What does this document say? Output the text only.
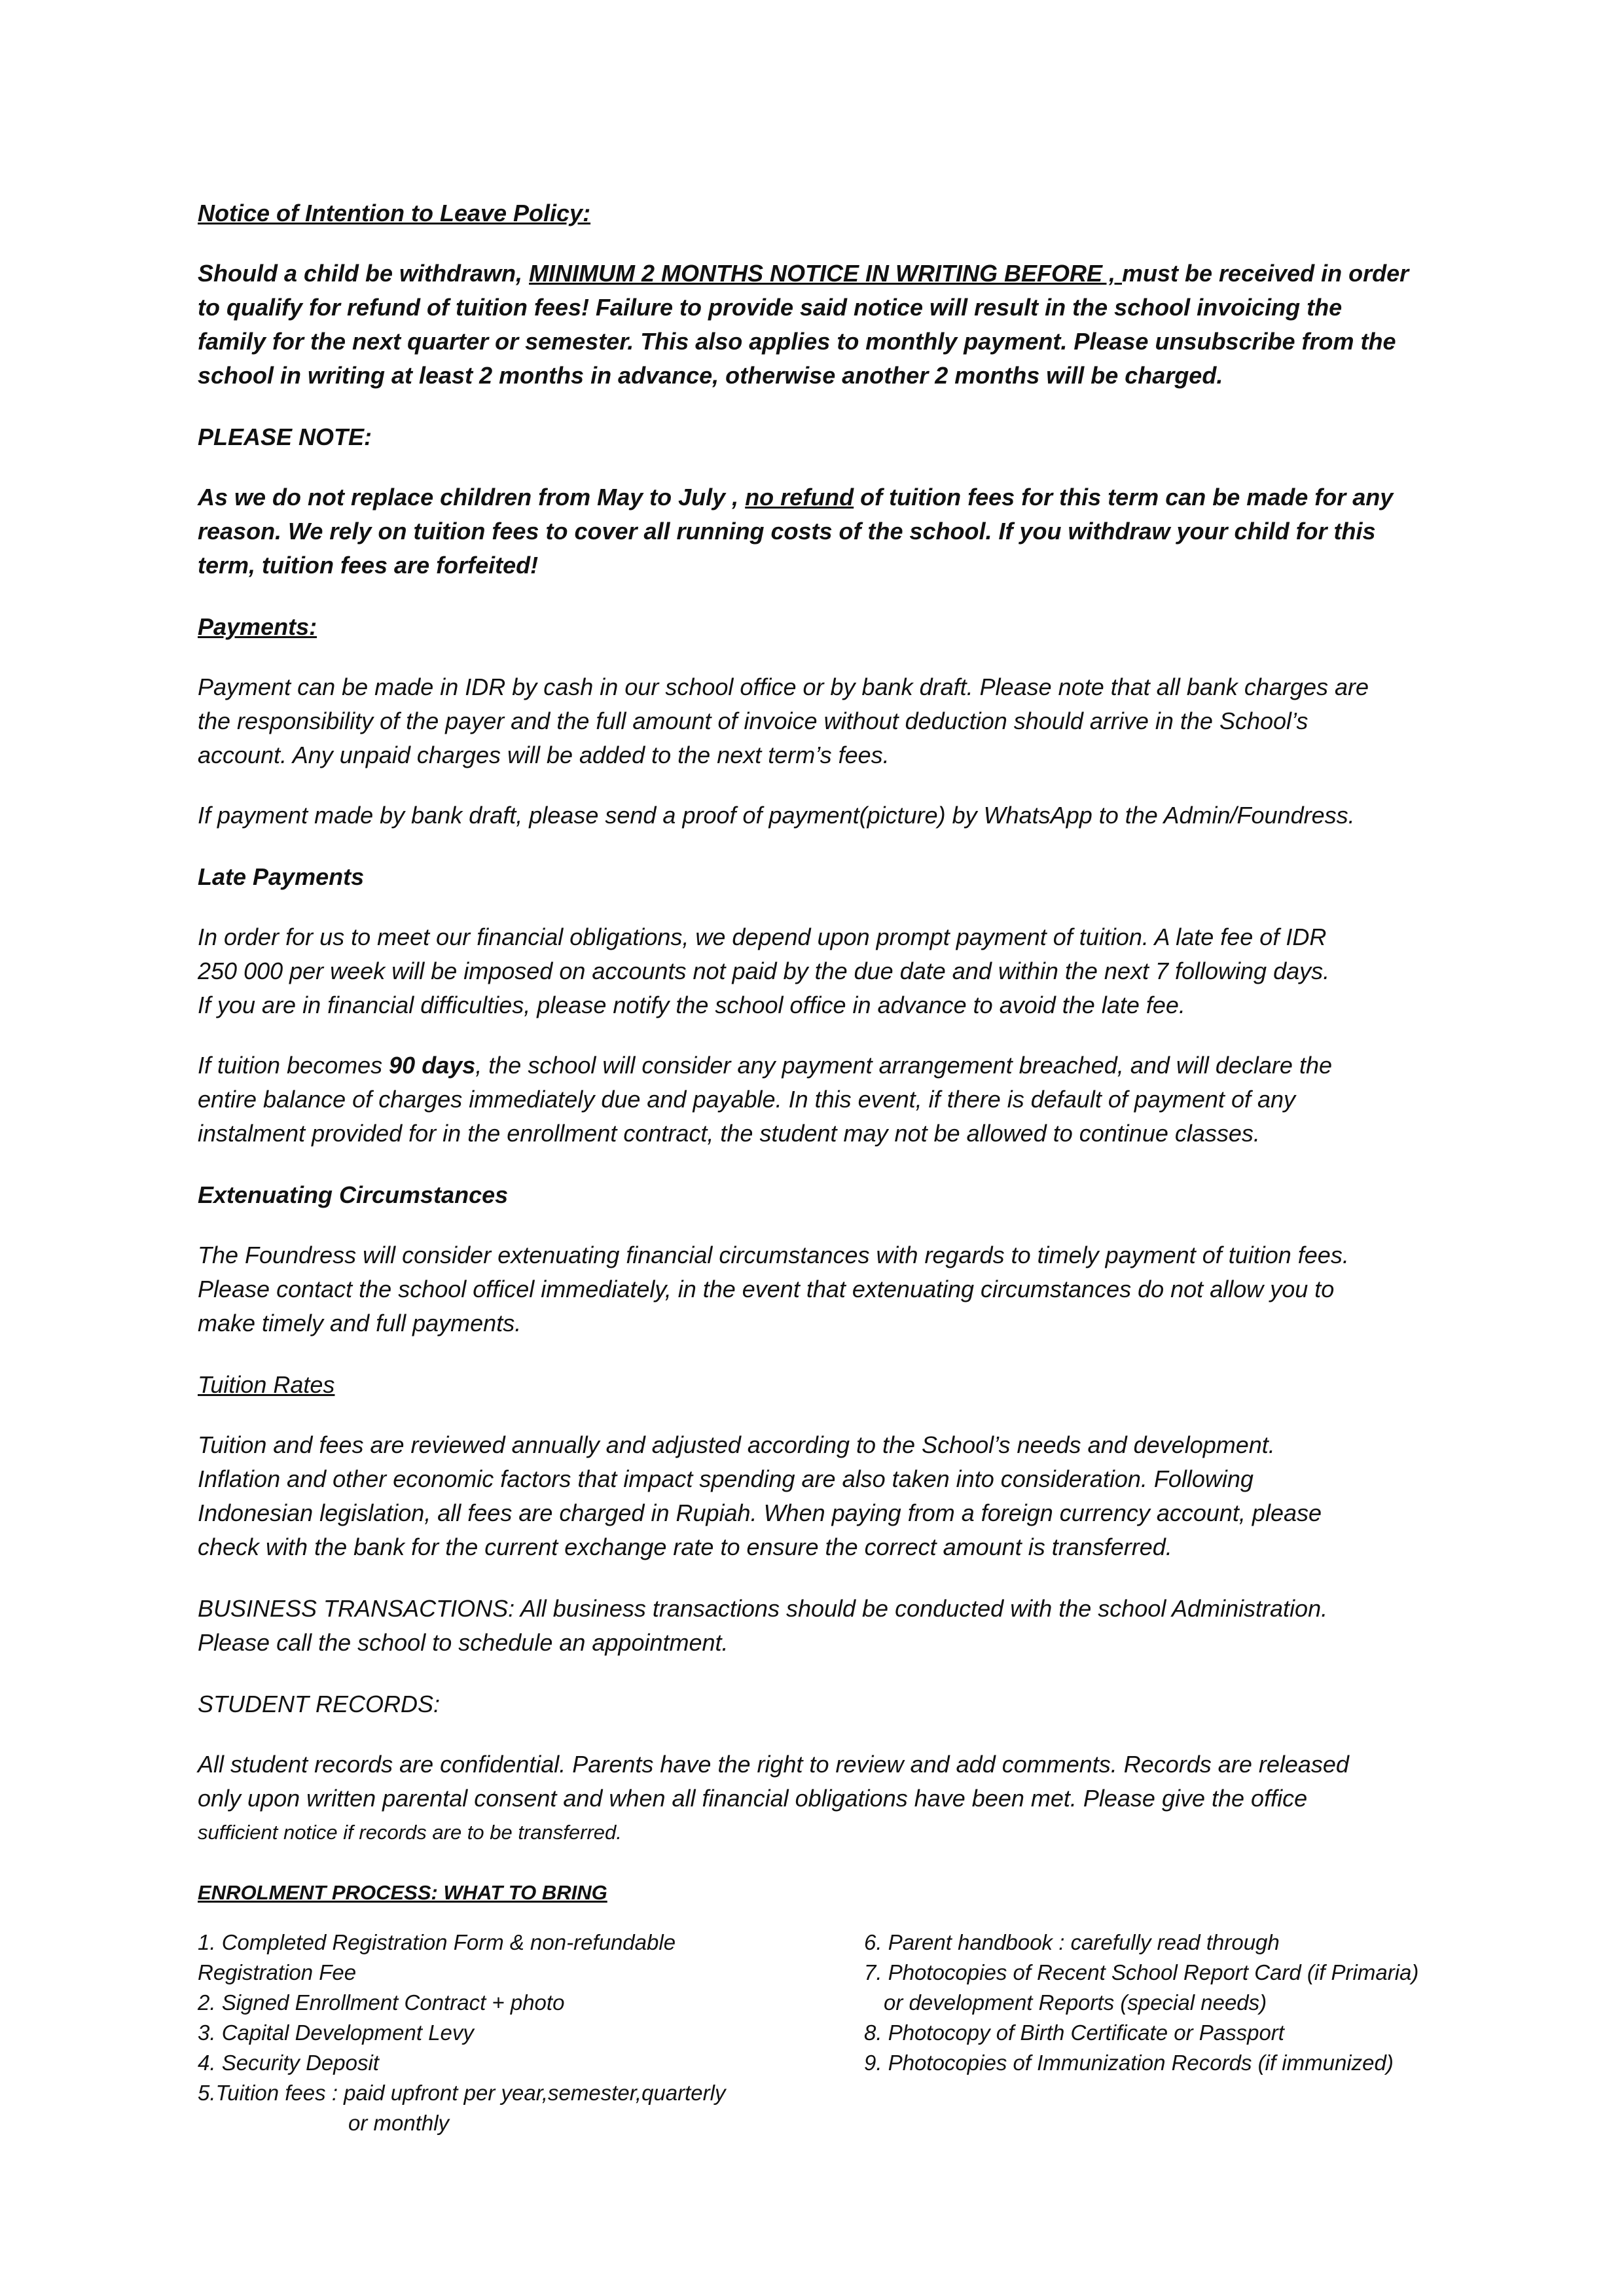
Notice of Intention to Leave Policy:

Should a child be withdrawn, MINIMUM 2 MONTHS NOTICE IN WRITING BEFORE , must be received in order
to qualify for refund of tuition fees! Failure to provide said notice will result in the school invoicing the
family for the next quarter or semester. This also applies to monthly payment. Please unsubscribe from the
school in writing at least 2 months in advance, otherwise another 2 months will be charged.

PLEASE NOTE:

As we do not replace children from May to July , no refund of tuition fees for this term can be made for any
reason. We rely on tuition fees to cover all running costs of the school. If you withdraw your child for this
term, tuition fees are forfeited!

Payments:

Payment can be made in IDR by cash in our school office or by bank draft. Please note that all bank charges are
the responsibility of the payer and the full amount of invoice without deduction should arrive in the School’s
account. Any unpaid charges will be added to the next term’s fees.

If payment made by bank draft, please send a proof of payment(picture) by WhatsApp to the Admin/Foundress.

Late Payments

In order for us to meet our financial obligations, we depend upon prompt payment of tuition. A late fee of IDR
250 000 per week will be imposed on accounts not paid by the due date and within the next 7 following days.
If you are in financial difficulties, please notify the school office in advance to avoid the late fee.
If tuition becomes 90 days, the school will consider any payment arrangement breached, and will declare the
entire balance of charges immediately due and payable. In this event, if there is default of payment of any
instalment provided for in the enrollment contract, the student may not be allowed to continue classes.

Extenuating Circumstances

The Foundress will consider extenuating financial circumstances with regards to timely payment of tuition fees.
Please contact the school officel immediately, in the event that extenuating circumstances do not allow you to
make timely and full payments.

Tuition Rates

Tuition and fees are reviewed annually and adjusted according to the School’s needs and development.
Inflation and other economic factors that impact spending are also taken into consideration. Following
Indonesian legislation, all fees are charged in Rupiah. When paying from a foreign currency account, please
check with the bank for the current exchange rate to ensure the correct amount is transferred.
BUSINESS TRANSACTIONS: All business transactions should be conducted with the school Administration.
Please call the school to schedule an appointment.

STUDENT RECORDS:

All student records are confidential. Parents have the right to review and add comments. Records are released
only upon written parental consent and when all financial obligations have been met. Please give the office
sufficient notice if records are to be transferred.

ENROLMENT PROCESS: WHAT TO BRING

1. Completed Registration Form & non-refundable
Registration Fee
2. Signed Enrollment Contract + photo
3. Capital Development Levy
4. Security Deposit
5.Tuition fees : paid upfront per year,semester,quarterly
or monthly
6. Parent handbook : carefully read through
7. Photocopies of Recent School Report Card (if Primaria)
or development Reports (special needs)
8. Photocopy of Birth Certificate or Passport
9. Photocopies of Immunization Records (if immunized)
